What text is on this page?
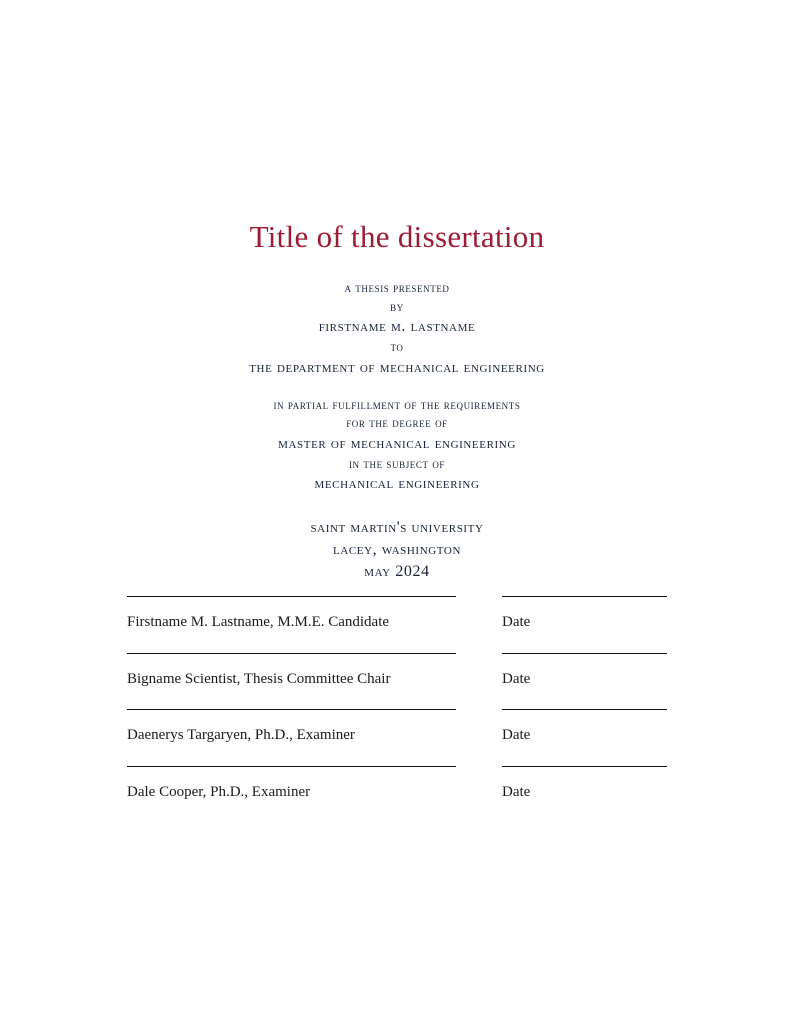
Title of the dissertation
a thesis presented
by
firstname m. lastname
to
the department of mechanical engineering
in partial fulfillment of the requirements
for the degree of
master of mechanical engineering
in the subject of
mechanical engineering
saint martin's university
lacey, washington
may 2024
Firstname M. Lastname, M.M.E. Candidate	Date
Bigname Scientist, Thesis Committee Chair	Date
Daenerys Targaryen, Ph.D., Examiner	Date
Dale Cooper, Ph.D., Examiner	Date
